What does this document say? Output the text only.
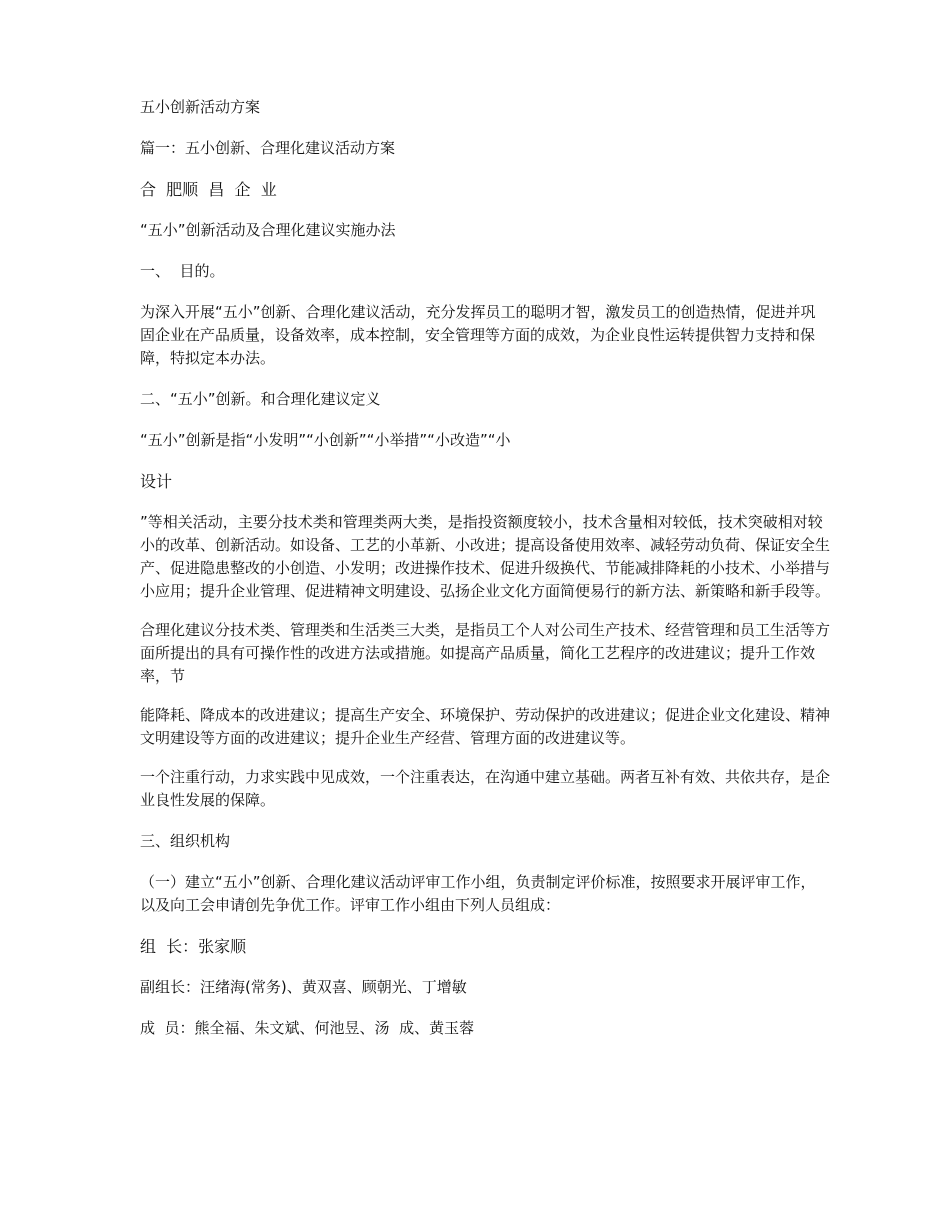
五小创新活动方案

篇一：五小创新、合理化建议活动方案

合  肥顺  昌  企  业

“五小”创新活动及合理化建议实施办法

一、  目的。

为深入开展“五小”创新、合理化建议活动，充分发挥员工的聪明才智，激发员工的创造热情，促进并巩固企业在产品质量，设备效率，成本控制，安全管理等方面的成效，为企业良性运转提供智力支持和保障，特拟定本办法。

二、“五小”创新。和合理化建议定义

“五小”创新是指“小发明”“小创新”“小举措”“小改造”“小

设计

”等相关活动，主要分技术类和管理类两大类，是指投资额度较小，技术含量相对较低，技术突破相对较小的改革、创新活动。如设备、工艺的小革新、小改进；提高设备使用效率、减轻劳动负荷、保证安全生产、促进隐患整改的小创造、小发明；改进操作技术、促进升级换代、节能减排降耗的小技术、小举措与小应用；提升企业管理、促进精神文明建设、弘扬企业文化方面简便易行的新方法、新策略和新手段等。

合理化建议分技术类、管理类和生活类三大类，是指员工个人对公司生产技术、经营管理和员工生活等方面所提出的具有可操作性的改进方法或措施。如提高产品质量，简化工艺程序的改进建议；提升工作效率，节

能降耗、降成本的改进建议；提高生产安全、环境保护、劳动保护的改进建议；促进企业文化建设、精神文明建设等方面的改进建议；提升企业生产经营、管理方面的改进建议等。

一个注重行动，力求实践中见成效，一个注重表达，在沟通中建立基础。两者互补有效、共依共存，是企业良性发展的保障。

三、组织机构

（一）建立“五小”创新、合理化建议活动评审工作小组，负责制定评价标准，按照要求开展评审工作，以及向工会申请创先争优工作。评审工作小组由下列人员组成：

组  长：张家顺

副组长：汪绪海(常务)、黄双喜、顾朝光、丁增敏

成  员：熊全福、朱文斌、何池昱、汤  成、黄玉蓉
